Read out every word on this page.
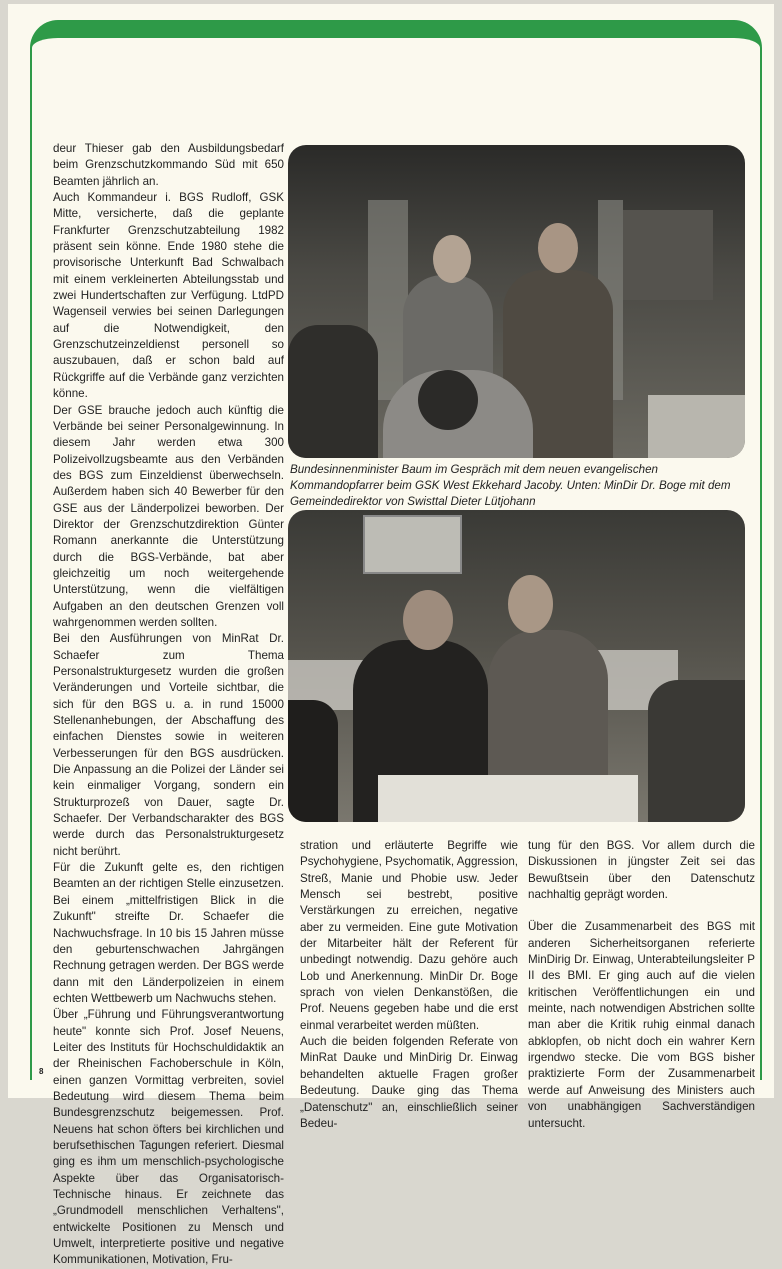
deur Thieser gab den Ausbildungsbedarf beim Grenzschutzkommando Süd mit 650 Beamten jährlich an.

Auch Kommandeur i. BGS Rudloff, GSK Mitte, versicherte, daß die geplante Frankfurter Grenzschutzabteilung 1982 präsent sein könne. Ende 1980 stehe die provisorische Unterkunft Bad Schwalbach mit einem verkleinerten Abteilungsstab und zwei Hundertschaften zur Verfügung. LtdPD Wagenseil verwies bei seinen Darlegungen auf die Notwendigkeit, den Grenzschutzeinzeldienst personell so auszubauen, daß er schon bald auf Rückgriffe auf die Verbände ganz verzichten könne.

Der GSE brauche jedoch auch künftig die Verbände bei seiner Personalgewinnung. In diesem Jahr werden etwa 300 Polizeivollzugsbeamte aus den Verbänden des BGS zum Einzeldienst überwechseln. Außerdem haben sich 40 Bewerber für den GSE aus der Länderpolizei beworben. Der Direktor der Grenzschutzdirektion Günter Romann anerkannte die Unterstützung durch die BGS-Verbände, bat aber gleichzeitig um noch weitergehende Unterstützung, wenn die vielfältigen Aufgaben an den deutschen Grenzen voll wahrgenommen werden sollten.

Bei den Ausführungen von MinRat Dr. Schaefer zum Thema Personalstrukturgesetz wurden die großen Veränderungen und Vorteile sichtbar, die sich für den BGS u. a. in rund 15000 Stellenanhebungen, der Abschaffung des einfachen Dienstes sowie in weiteren Verbesserungen für den BGS ausdrücken. Die Anpassung an die Polizei der Länder sei kein einmaliger Vorgang, sondern ein Strukturprozeß von Dauer, sagte Dr. Schaefer. Der Verbandscharakter des BGS werde durch das Personalstrukturgesetz nicht berührt.

Für die Zukunft gelte es, den richtigen Beamten an der richtigen Stelle einzusetzen. Bei einem „mittelfristigen Blick in die Zukunft" streifte Dr. Schaefer die Nachwuchsfrage. In 10 bis 15 Jahren müsse den geburtenschwachen Jahrgängen Rechnung getragen werden. Der BGS werde dann mit den Länderpolizeien in einem echten Wettbewerb um Nachwuchs stehen.

Über „Führung und Führungsverantwortung heute" konnte sich Prof. Josef Neuens, Leiter des Instituts für Hochschuldidaktik an der Rheinischen Fachoberschule in Köln, einen ganzen Vormittag verbreiten, soviel Bedeutung wird diesem Thema beim Bundesgrenzschutz beigemessen. Prof. Neuens hat schon öfters bei kirchlichen und berufsethischen Tagungen referiert. Diesmal ging es ihm um menschlich-psychologische Aspekte über das Organisatorisch-Technische hinaus. Er zeichnete das „Grundmodell menschlichen Verhaltens", entwickelte Positionen zu Mensch und Umwelt, interpretierte positive und negative Kommunikationen, Motivation, Fru-

Bundesinnenminister Baum im Gespräch mit dem neuen evangelischen Kommandopfarrer beim GSK West Ekkehard Jacoby. Unten: MinDir Dr. Boge mit dem Gemeindedirektor von Swisttal Dieter Lütjohann

stration und erläuterte Begriffe wie Psychohygiene, Psychomatik, Aggression, Streß, Manie und Phobie usw. Jeder Mensch sei bestrebt, positive Verstärkungen zu erreichen, negative aber zu vermeiden. Eine gute Motivation der Mitarbeiter hält der Referent für unbedingt notwendig. Dazu gehöre auch Lob und Anerkennung. MinDir Dr. Boge sprach von vielen Denkanstößen, die Prof. Neuens gegeben habe und die erst einmal verarbeitet werden müßten.

Auch die beiden folgenden Referate von MinRat Dauke und MinDirig Dr. Einwag behandelten aktuelle Fragen großer Bedeutung. Dauke ging das Thema „Datenschutz" an, einschließlich seiner Bedeu-

tung für den BGS. Vor allem durch die Diskussionen in jüngster Zeit sei das Bewußtsein über den Datenschutz nachhaltig geprägt worden.

Über die Zusammenarbeit des BGS mit anderen Sicherheitsorganen referierte MinDirig Dr. Einwag, Unterabteilungsleiter P II des BMI. Er ging auch auf die vielen kritischen Veröffentlichungen ein und meinte, nach notwendigen Abstrichen sollte man aber die Kritik ruhig einmal danach abklopfen, ob nicht doch ein wahrer Kern irgendwo stecke. Die vom BGS bisher praktizierte Form der Zusammenarbeit werde auf Anweisung des Ministers auch von unabhängigen Sachverständigen untersucht.

8
